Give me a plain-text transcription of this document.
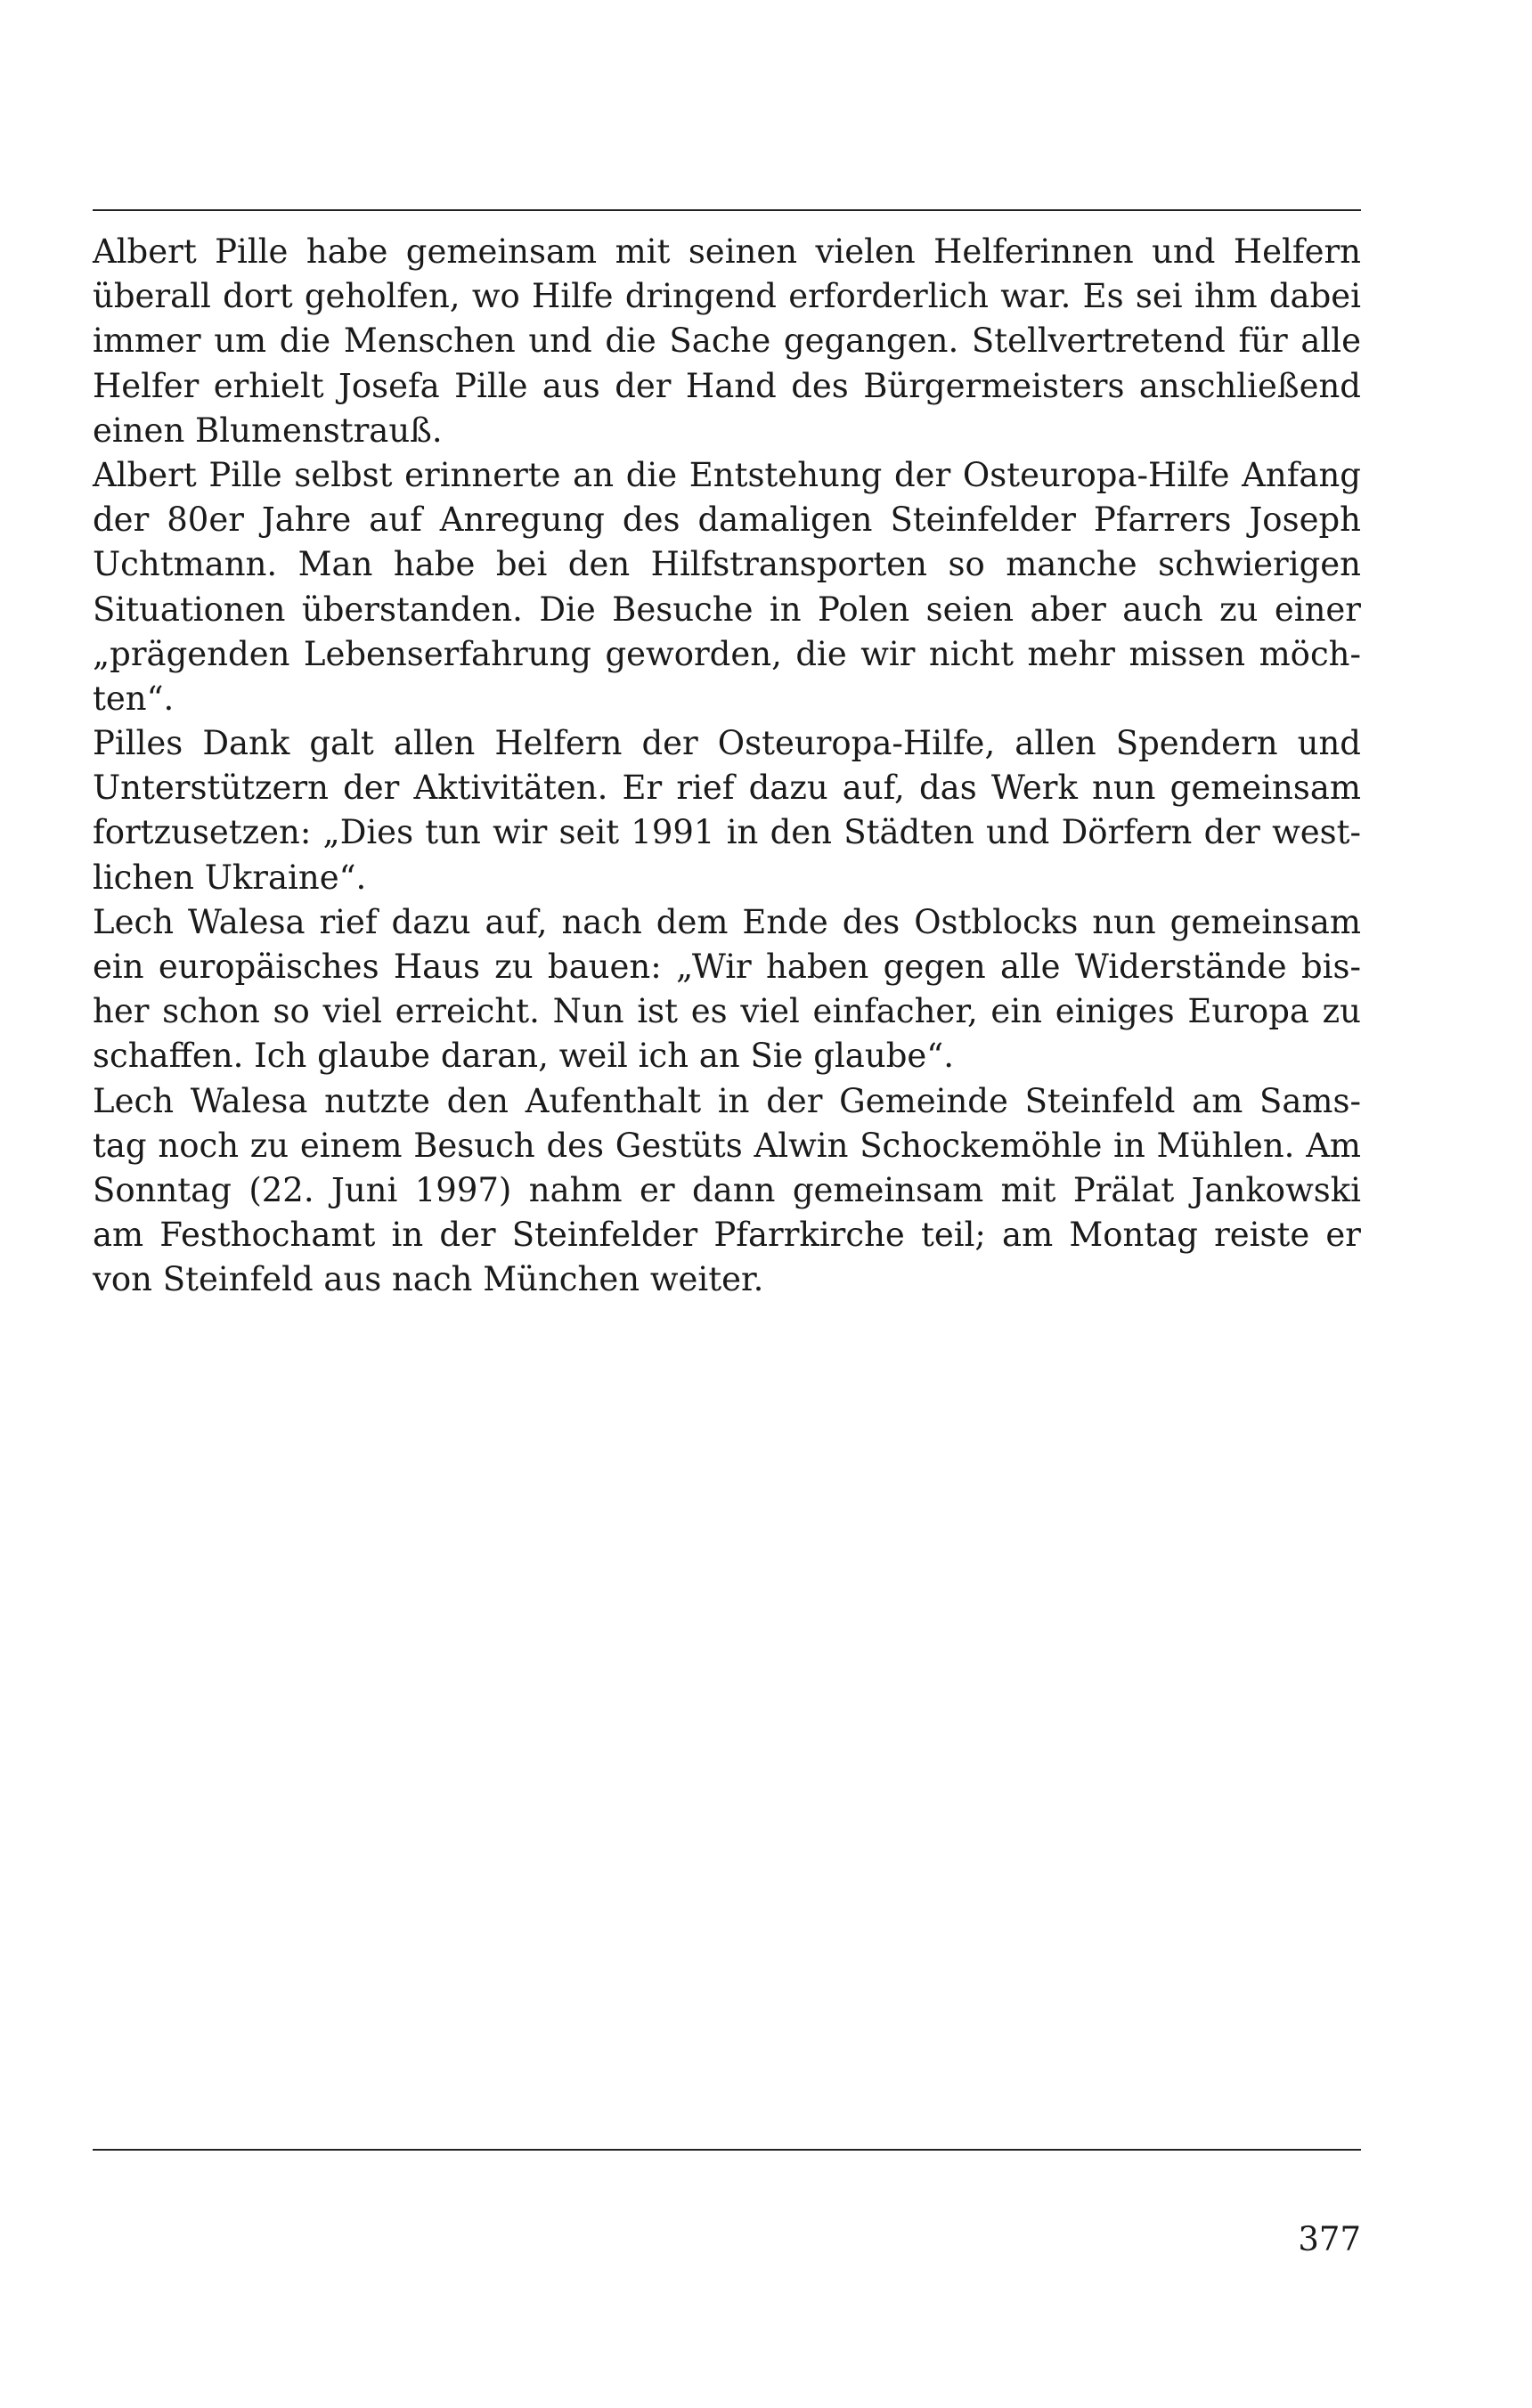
Albert Pille habe gemeinsam mit seinen vielen Helferinnen und Helfern
überall dort geholfen, wo Hilfe dringend erforderlich war. Es sei ihm dabei
immer um die Menschen und die Sache gegangen. Stellvertretend für alle
Helfer erhielt Josefa Pille aus der Hand des Bürgermeisters anschließend
einen Blumenstrauß.
Albert Pille selbst erinnerte an die Entstehung der Osteuropa-Hilfe Anfang
der 80er Jahre auf Anregung des damaligen Steinfelder Pfarrers Joseph
Uchtmann. Man habe bei den Hilfstransporten so manche schwierigen
Situationen überstanden. Die Besuche in Polen seien aber auch zu einer
„prägenden Lebenserfahrung geworden, die wir nicht mehr missen möch-
ten“.
Pilles Dank galt allen Helfern der Osteuropa-Hilfe, allen Spendern und
Unterstützern der Aktivitäten. Er rief dazu auf, das Werk nun gemeinsam
fortzusetzen: „Dies tun wir seit 1991 in den Städten und Dörfern der west-
lichen Ukraine“.
Lech Walesa rief dazu auf, nach dem Ende des Ostblocks nun gemeinsam
ein europäisches Haus zu bauen: „Wir haben gegen alle Widerstände bis-
her schon so viel erreicht. Nun ist es viel einfacher, ein einiges Europa zu
schaffen. Ich glaube daran, weil ich an Sie glaube“.
Lech Walesa nutzte den Aufenthalt in der Gemeinde Steinfeld am Sams-
tag noch zu einem Besuch des Gestüts Alwin Schockemöhle in Mühlen. Am
Sonntag (22. Juni 1997) nahm er dann gemeinsam mit Prälat Jankowski
am Festhochamt in der Steinfelder Pfarrkirche teil; am Montag reiste er
von Steinfeld aus nach München weiter.
377
